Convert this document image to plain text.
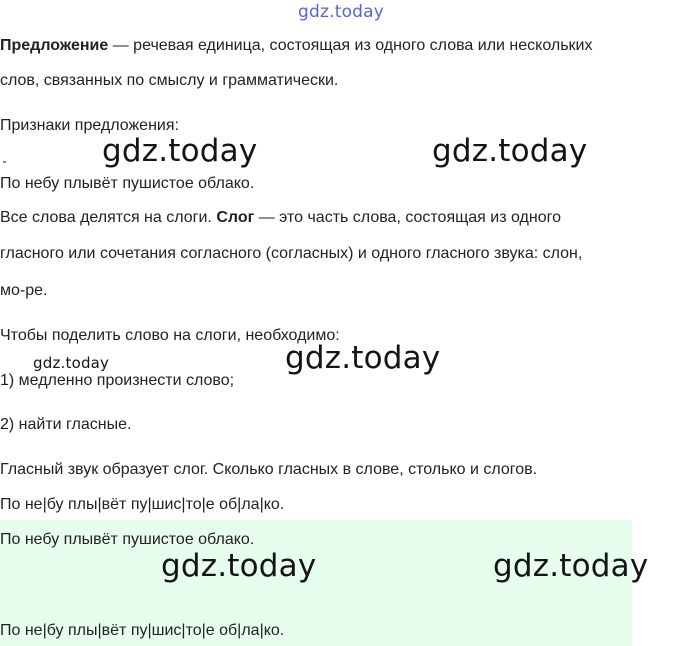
gdz.today
Предложение — речевая единица, состоящая из одного слова или нескольких
слов, связанных по смыслу и грамматически.
Признаки предложения:
gdz.today	gdz.today
По небу плывёт пушистое облако.
Все слова делятся на слоги. Слог — это часть слова, состоящая из одного
гласного или сочетания согласного (согласных) и одного гласного звука: слон,
мо-ре.
Чтобы поделить слово на слоги, необходимо:
gdz.today	gdz.today
1) медленно произнести слово;
2) найти гласные.
Гласный звук образует слог. Сколько гласных в слове, столько и слогов.
По не|бу плы|вёт пу|шис|то|е об|ла|ко.
По небу плывёт пушистое облако.
gdz.today	gdz.today
По не|бу плы|вёт пу|шис|то|е об|ла|ко.
